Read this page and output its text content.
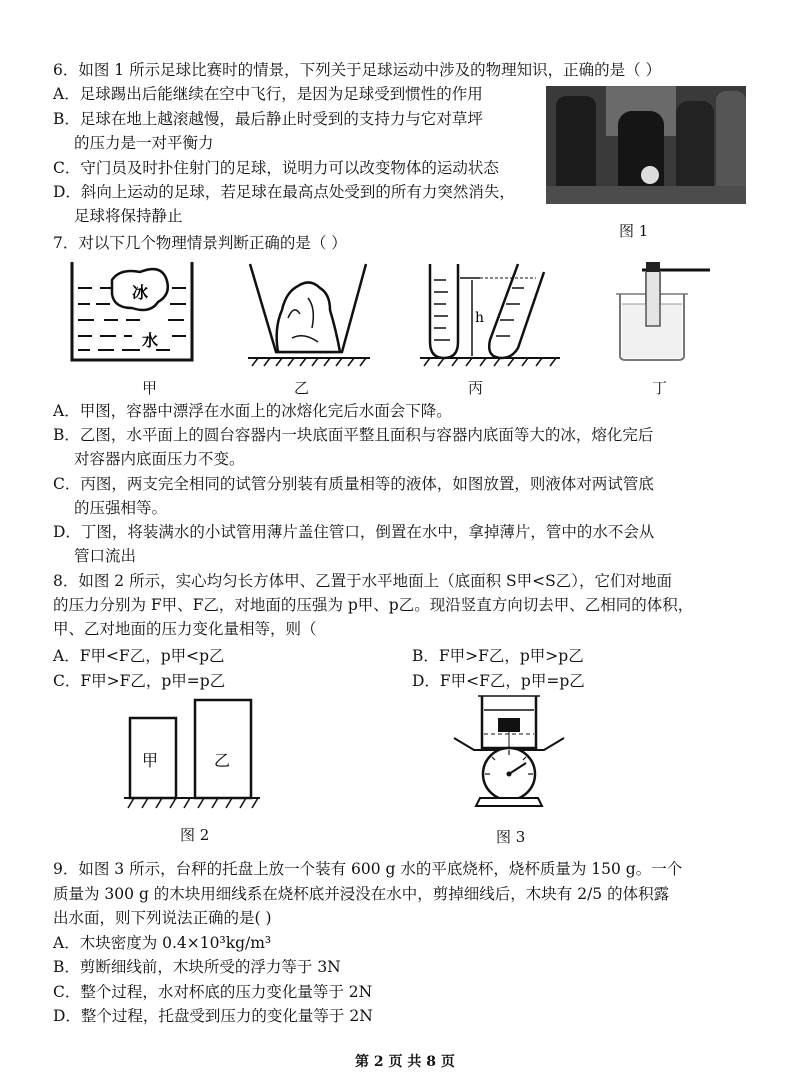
6．如图 1 所示足球比赛时的情景，下列关于足球运动中涉及的物理知识，正确的是（ ）
A．足球踢出后能继续在空中飞行，是因为足球受到惯性的作用
B．足球在地上越滚越慢，最后静止时受到的支持力与它对草坪
的压力是一对平衡力
C．守门员及时扑住射门的足球，说明力可以改变物体的运动状态
D．斜向上运动的足球，若足球在最高点处受到的所有力突然消失，
足球将保持静止
图 1
7．对以下几个物理情景判断正确的是（ ）
冰
水
h
甲	乙	丙	丁
A．甲图，容器中漂浮在水面上的冰熔化完后水面会下降。
B．乙图，水平面上的圆台容器内一块底面平整且面积与容器内底面等大的冰，熔化完后
对容器内底面压力不变。
C．丙图，两支完全相同的试管分别装有质量相等的液体，如图放置，则液体对两试管底
的压强相等。
D．丁图，将装满水的小试管用薄片盖住管口，倒置在水中，拿掉薄片，管中的水不会从
管口流出
8．如图 2 所示，实心均匀长方体甲、乙置于水平地面上（底面积 S甲<S乙），它们对地面
的压力分别为 F甲、F乙，对地面的压强为 p甲、p乙。现沿竖直方向切去甲、乙相同的体积，
甲、乙对地面的压力变化量相等，则（
A．F甲<F乙，p甲<p乙	B．F甲>F乙，p甲>p乙
C．F甲>F乙，p甲=p乙	D．F甲<F乙，p甲=p乙
甲	乙
图 2	图 3
9．如图 3 所示，台秤的托盘上放一个装有 600 g 水的平底烧杯，烧杯质量为 150 g。一个
质量为 300 g 的木块用细线系在烧杯底并浸没在水中，剪掉细线后，木块有 2/5 的体积露
出水面，则下列说法正确的是( )
A．木块密度为 0.4×10³kg/m³
B．剪断细线前，木块所受的浮力等于 3N
C．整个过程，水对杯底的压力变化量等于 2N
D．整个过程，托盘受到压力的变化量等于 2N
第 2 页 共 8 页
